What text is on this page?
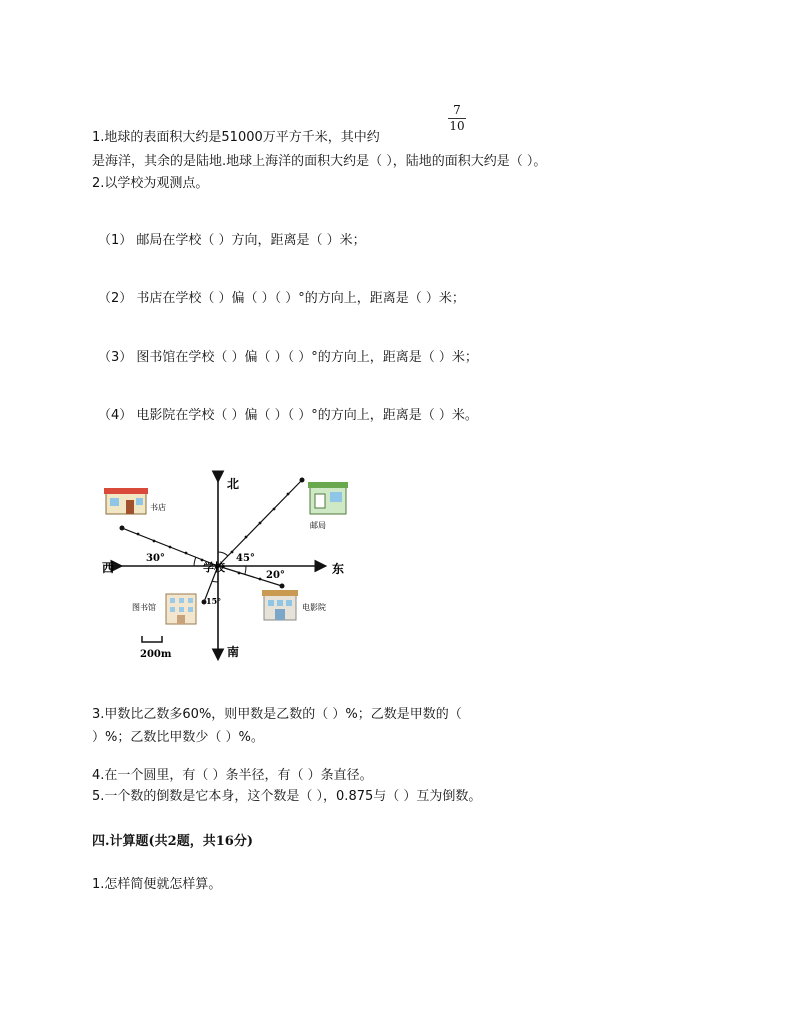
1.地球的表面积大约是51000万平方千米，其中约
7
10
是海洋，其余的是陆地.地球上海洋的面积大约是（ ），陆地的面积大约是（ ）。
2.以学校为观测点。
（1） 邮局在学校（ ）方向，距离是（ ）米；
（2） 书店在学校（ ）偏（ ）（ ）°的方向上，距离是（ ）米；
（3） 图书馆在学校（ ）偏（ ）（ ）°的方向上，距离是（ ）米；
（4） 电影院在学校（ ）偏（ ）（ ）°的方向上，距离是（ ）米。
北
南
西	东
学校
30°	45°
20°
15°
书店
邮局
图书馆	电影院
200m
3.甲数比乙数多60%，则甲数是乙数的（ ）%；乙数是甲数的（
）%；乙数比甲数少（ ）%。
4.在一个圆里，有（ ）条半径，有（ ）条直径。
5.一个数的倒数是它本身，这个数是（ ），0.875与（ ）互为倒数。
四.计算题(共2题，共16分)
1.怎样简便就怎样算。
